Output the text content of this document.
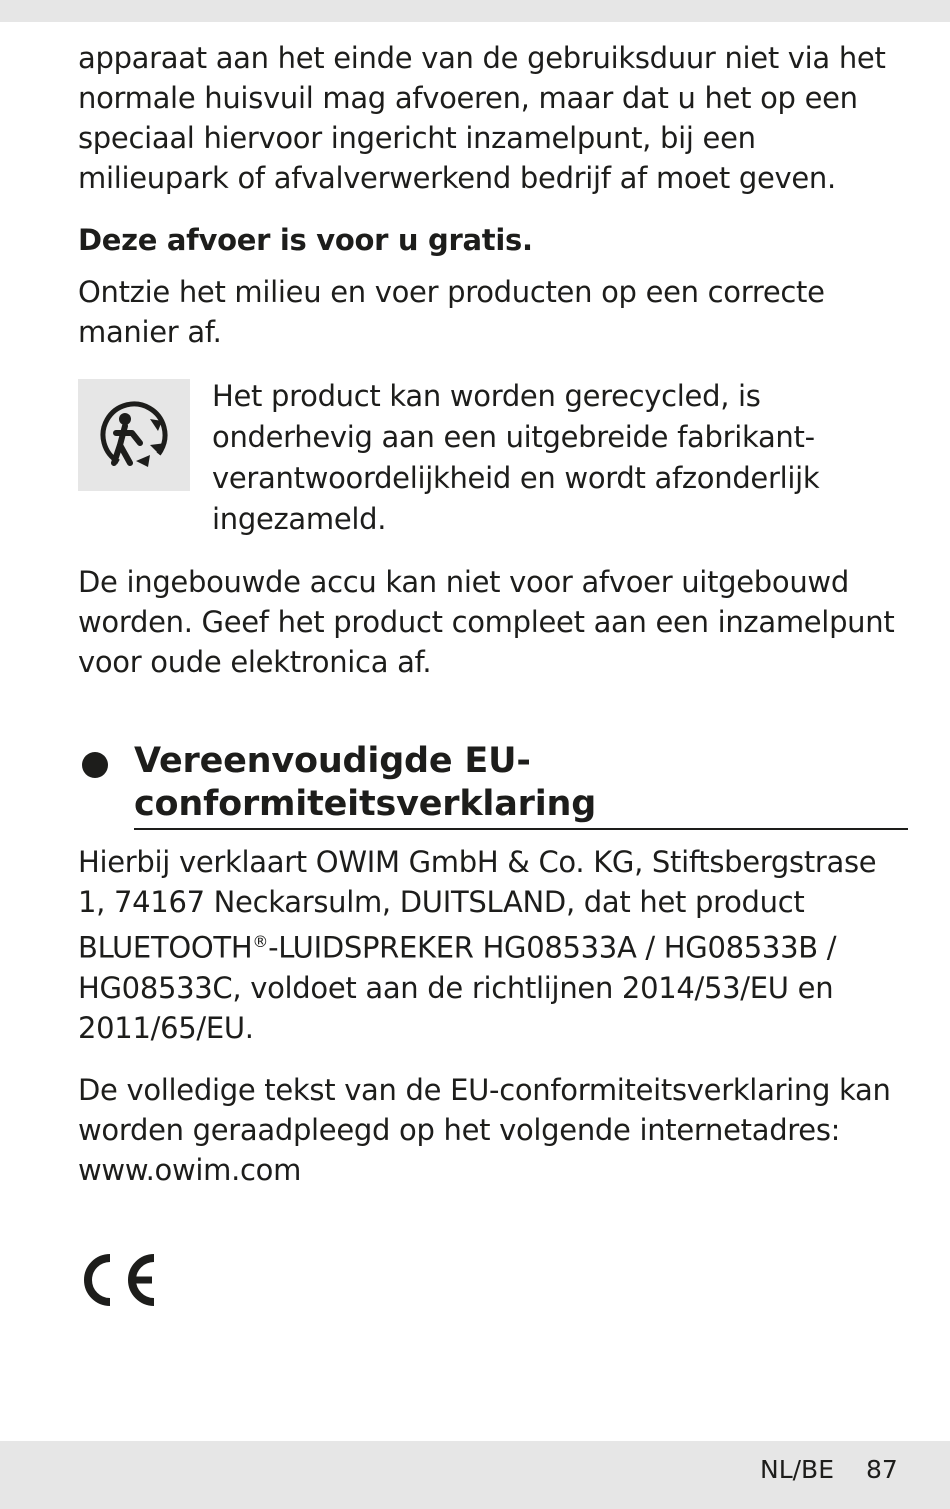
apparaat aan het einde van de gebruiksduur niet via het normale huisvuil mag afvoeren, maar dat u het op een speciaal hiervoor ingericht inzamelpunt, bij een milieupark of afvalverwerkend bedrijf af moet geven.

Deze afvoer is voor u gratis.

Ontzie het milieu en voer producten op een correcte manier af.

Het product kan worden gerecycled, is onderhevig aan een uitgebreide fabrikant-verantwoordelijkheid en wordt afzonderlijk ingezameld.

De ingebouwde accu kan niet voor afvoer uitgebouwd worden. Geef het product compleet aan een inzamelpunt voor oude elektronica af.

Vereenvoudigde EU-conformiteitsverklaring

Hierbij verklaart OWIM GmbH & Co. KG, Stiftsbergstrase 1, 74167 Neckarsulm, DUITSLAND, dat het product BLUETOOTH®-LUIDSPREKER HG08533A / HG08533B / HG08533C, voldoet aan de richtlijnen 2014/53/EU en 2011/65/EU.

De volledige tekst van de EU-conformiteitsverklaring kan worden geraadpleegd op het volgende internetadres: www.owim.com

NL/BE 87
